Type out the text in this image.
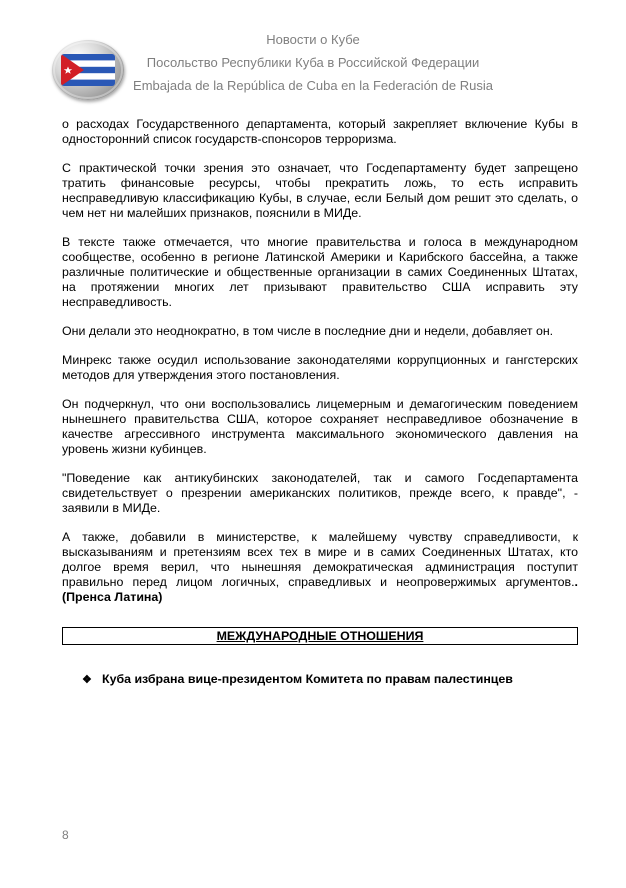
Новости о Кубе
Посольство Республики Куба в Российской Федерации
Embajada de la República de Cuba en la Federación de Rusia

о расходах Государственного департамента, который закрепляет включение Кубы в односторонний список государств-спонсоров терроризма.

С практической точки зрения это означает, что Госдепартаменту будет запрещено тратить финансовые ресурсы, чтобы прекратить ложь, то есть исправить несправедливую классификацию Кубы, в случае, если Белый дом решит это сделать, о чем нет ни малейших признаков, пояснили в МИДе.

В тексте также отмечается, что многие правительства и голоса в международном сообществе, особенно в регионе Латинской Америки и Карибского бассейна, а также различные политические и общественные организации в самих Соединенных Штатах, на протяжении многих лет призывают правительство США исправить эту несправедливость.

Они делали это неоднократно, в том числе в последние дни и недели, добавляет он.

Минрекс также осудил использование законодателями коррупционных и гангстерских методов для утверждения этого постановления.

Он подчеркнул, что они воспользовались лицемерным и демагогическим поведением нынешнего правительства США, которое сохраняет несправедливое обозначение в качестве агрессивного инструмента максимального экономического давления на уровень жизни кубинцев.

"Поведение как антикубинских законодателей, так и самого Госдепартамента свидетельствует о презрении американских политиков, прежде всего, к правде", - заявили в МИДе.

А также, добавили в министерстве, к малейшему чувству справедливости, к высказываниям и претензиям всех тех в мире и в самих Соединенных Штатах, кто долгое время верил, что нынешняя демократическая администрация поступит правильно перед лицом логичных, справедливых и неопровержимых аргументов.. (Пренса Латина)

МЕЖДУНАРОДНЫЕ ОТНОШЕНИЯ
❖ Куба избрана вице-президентом Комитета по правам палестинцев
8
